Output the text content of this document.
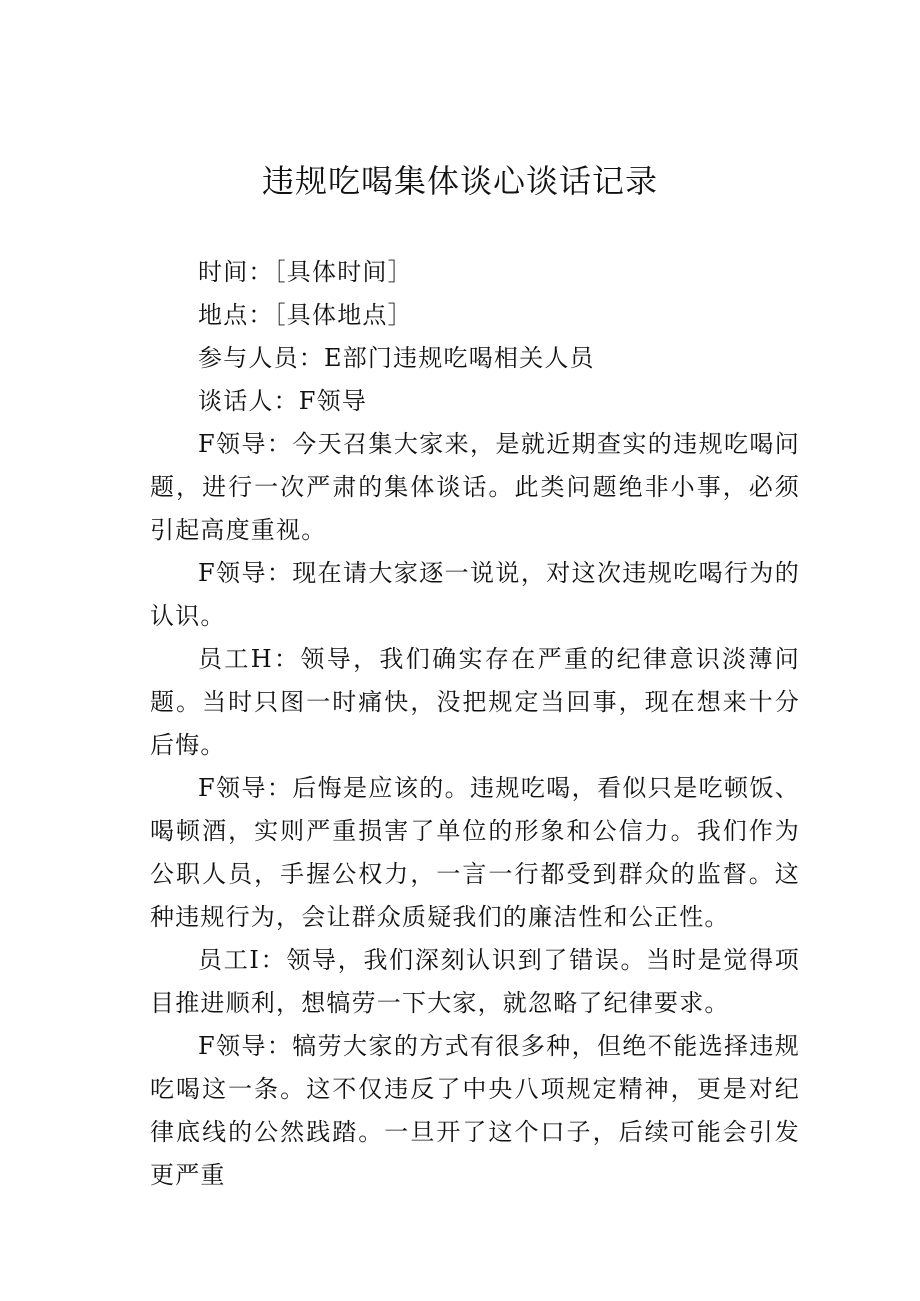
违规吃喝集体谈心谈话记录

时间：［具体时间］

地点：［具体地点］

参与人员：E部门违规吃喝相关人员

谈话人：F领导

F领导：今天召集大家来，是就近期查实的违规吃喝问题，进行一次严肃的集体谈话。此类问题绝非小事，必须引起高度重视。

F领导：现在请大家逐一说说，对这次违规吃喝行为的认识。

员工H：领导，我们确实存在严重的纪律意识淡薄问题。当时只图一时痛快，没把规定当回事，现在想来十分后悔。

F领导：后悔是应该的。违规吃喝，看似只是吃顿饭、喝顿酒，实则严重损害了单位的形象和公信力。我们作为公职人员，手握公权力，一言一行都受到群众的监督。这种违规行为，会让群众质疑我们的廉洁性和公正性。

员工I：领导，我们深刻认识到了错误。当时是觉得项目推进顺利，想犒劳一下大家，就忽略了纪律要求。

F领导：犒劳大家的方式有很多种，但绝不能选择违规吃喝这一条。这不仅违反了中央八项规定精神，更是对纪律底线的公然践踏。一旦开了这个口子，后续可能会引发更严重
